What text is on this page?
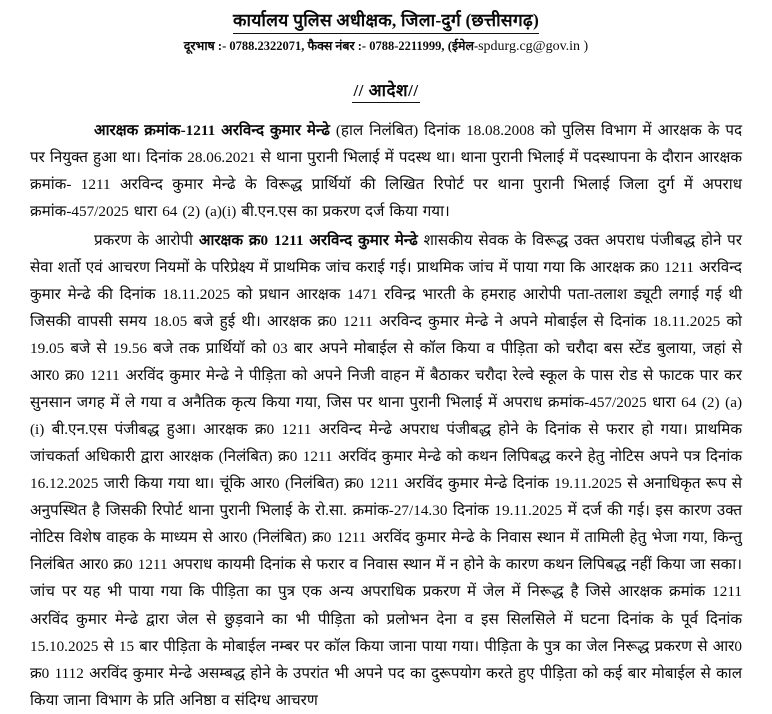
कार्यालय पुलिस अधीक्षक, जिला-दुर्ग (छत्तीसगढ़)
दूरभाष :- 0788.2322071, फैक्स नंबर :- 0788-2211999, (ईमेल-spdurg.cg@gov.in )
// आदेश//

आरक्षक क्रमांक-1211 अरविन्द कुमार मेन्ढे (हाल निलंबित) दिनांक 18.08.2008 को पुलिस विभाग में आरक्षक के पद पर नियुक्त हुआ था। दिनांक 28.06.2021 से थाना पुरानी भिलाई में पदस्थ था। थाना पुरानी भिलाई में पदस्थापना के दौरान आरक्षक क्रमांक- 1211 अरविन्द कुमार मेन्ढे के विरूद्ध प्रार्थियॉ की लिखित रिपोर्ट पर थाना पुरानी भिलाई जिला दुर्ग में अपराध क्रमांक-457/2025 धारा 64 (2) (a)(i) बी.एन.एस का प्रकरण दर्ज किया गया।

प्रकरण के आरोपी आरक्षक क्र0 1211 अरविन्द कुमार मेन्ढे शासकीय सेवक के विरूद्ध उक्त अपराध पंजीबद्ध होने पर सेवा शर्तो एवं आचरण नियमों के परिप्रेक्ष्य में प्राथमिक जांच कराई गई। प्राथमिक जांच में पाया गया कि आरक्षक क्र0 1211 अरविन्द कुमार मेन्ढे की दिनांक 18.11.2025 को प्रधान आरक्षक 1471 रविन्द्र भारती के हमराह आरोपी पता-तलाश ड्यूटी लगाई गई थी जिसकी वापसी समय 18.05 बजे हुई थी। आरक्षक क्र0 1211 अरविन्द कुमार मेन्ढे ने अपने मोबाईल से दिनांक 18.11.2025 को 19.05 बजे से 19.56 बजे तक प्रार्थियॉ को 03 बार अपने मोबाईल से कॉल किया व पीड़िता को चरौदा बस स्टेंड बुलाया, जहां से आर0 क्र0 1211 अरविंद कुमार मेन्ढे ने पीड़िता को अपने निजी वाहन में बैठाकर चरौदा रेल्वे स्कूल के पास रोड से फाटक पार कर सुनसान जगह में ले गया व अनैतिक कृत्य किया गया, जिस पर थाना पुरानी भिलाई में अपराध क्रमांक-457/2025 धारा 64 (2) (a)(i) बी.एन.एस पंजीबद्ध हुआ। आरक्षक क्र0 1211 अरविन्द मेन्ढे अपराध पंजीबद्ध होने के दिनांक से फरार हो गया। प्राथमिक जांचकर्ता अधिकारी द्वारा आरक्षक (निलंबित) क्र0 1211 अरविंद कुमार मेन्ढे को कथन लिपिबद्ध करने हेतु नोटिस अपने पत्र दिनांक 16.12.2025 जारी किया गया था। चूंकि आर0 (निलंबित) क्र0 1211 अरविंद कुमार मेन्ढे दिनांक 19.11.2025 से अनाधिकृत रूप से अनुपस्थित है जिसकी रिपोर्ट थाना पुरानी भिलाई के रो.सा. क्रमांक-27/14.30 दिनांक 19.11.2025 में दर्ज की गई। इस कारण उक्त नोटिस विशेष वाहक के माध्यम से आर0 (निलंबित) क्र0 1211 अरविंद कुमार मेन्ढे के निवास स्थान में तामिली हेतु भेजा गया, किन्तु निलंबित आर0 क्र0 1211 अपराध कायमी दिनांक से फरार व निवास स्थान में न होने के कारण कथन लिपिबद्ध नहीं किया जा सका। जांच पर यह भी पाया गया कि पीड़िता का पुत्र एक अन्य अपराधिक प्रकरण में जेल में निरूद्ध है जिसे आरक्षक क्रमांक 1211 अरविंद कुमार मेन्ढे द्वारा जेल से छुड़वाने का भी पीड़िता को प्रलोभन देना व इस सिलसिले में घटना दिनांक के पूर्व दिनांक 15.10.2025 से 15 बार पीड़िता के मोबाईल नम्बर पर कॉल किया जाना पाया गया। पीड़िता के पुत्र का जेल निरूद्ध प्रकरण से आर0 क्र0 1112 अरविंद कुमार मेन्ढे असम्बद्ध होने के उपरांत भी अपने पद का दुरूपयोग करते हुए पीड़िता को कई बार मोबाईल से काल किया जाना विभाग के प्रति अनिष्ठा व संदिग्ध आचरण
